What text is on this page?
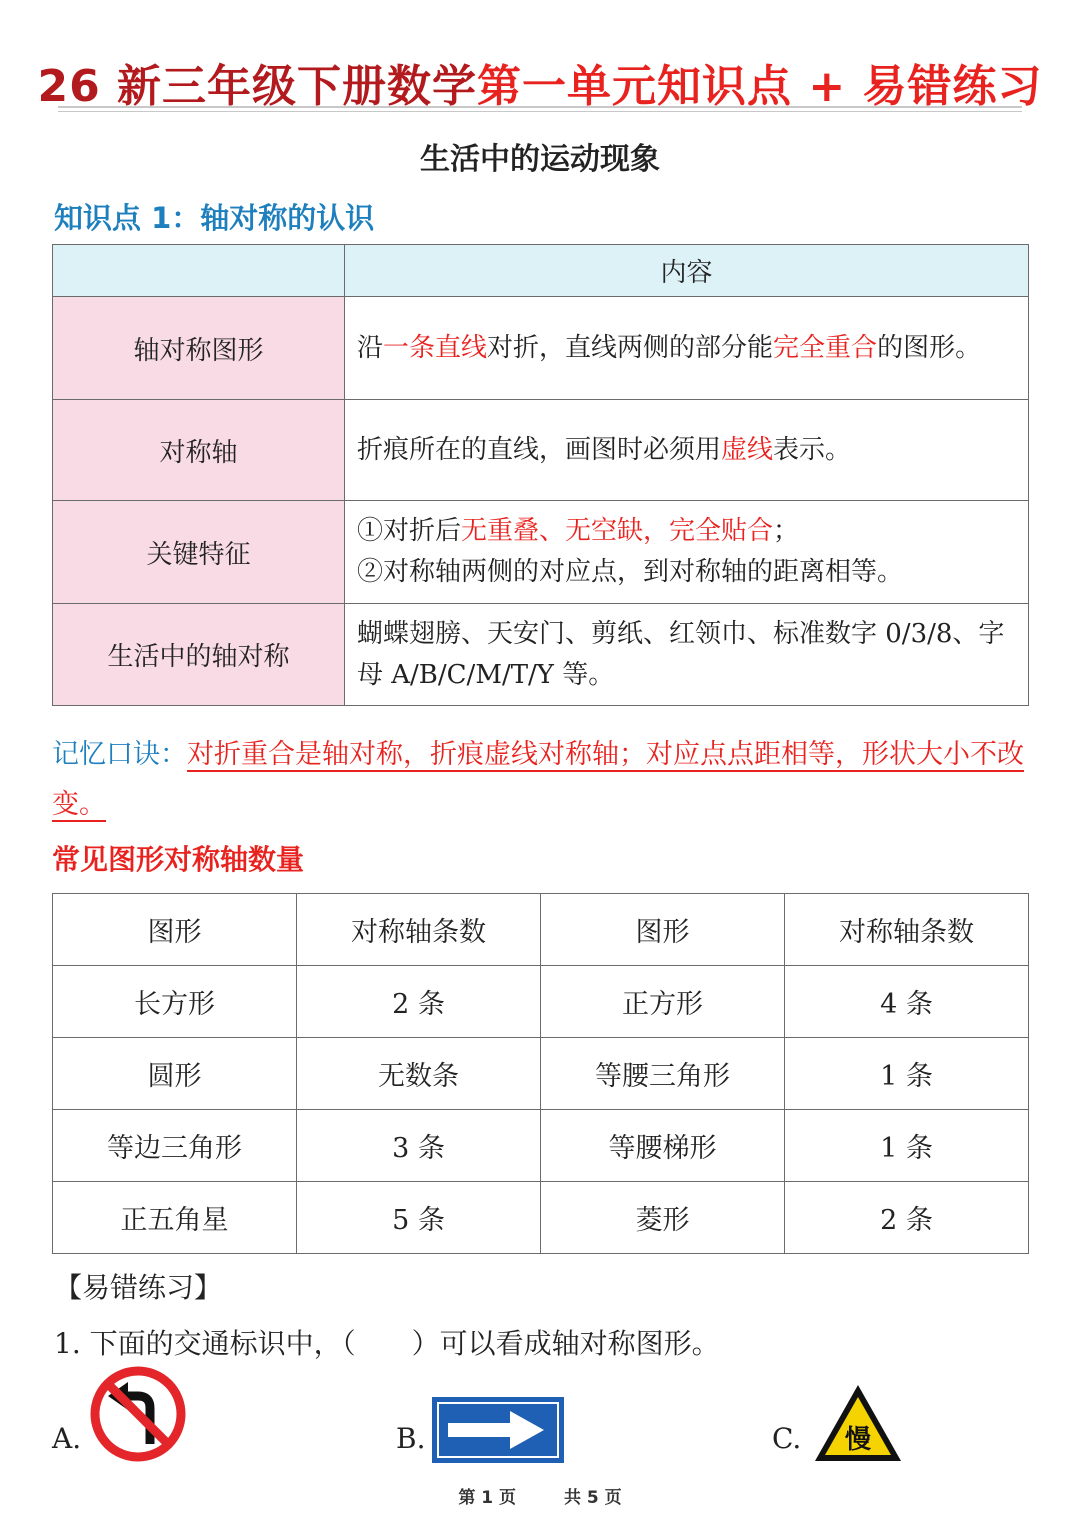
26 新三年级下册数学第一单元知识点 + 易错练习
生活中的运动现象
知识点 1：轴对称的认识
	内容
轴对称图形	沿一条直线对折，直线两侧的部分能完全重合的图形。
对称轴	折痕所在的直线，画图时必须用虚线表示。
关键特征	①对折后无重叠、无空缺，完全贴合；
②对称轴两侧的对应点，到对称轴的距离相等。

生活中的轴对称	蝴蝶翅膀、天安门、剪纸、红领巾、标准数字 0/3/8、字母 A/B/C/M/T/Y 等。
记忆口诀：对折重合是轴对称，折痕虚线对称轴；对应点点距相等，形状大小不改变。
常见图形对称轴数量
图形	对称轴条数	图形	对称轴条数
长方形	2 条	正方形	4 条
圆形	无数条	等腰三角形	1 条
等边三角形	3 条	等腰梯形	1 条
正五角星	5 条	菱形	2 条
【易错练习】
1. 下面的交通标识中，（　　）可以看成轴对称图形。
A.	B.	C. 慢
第 1 页	共 5 页
